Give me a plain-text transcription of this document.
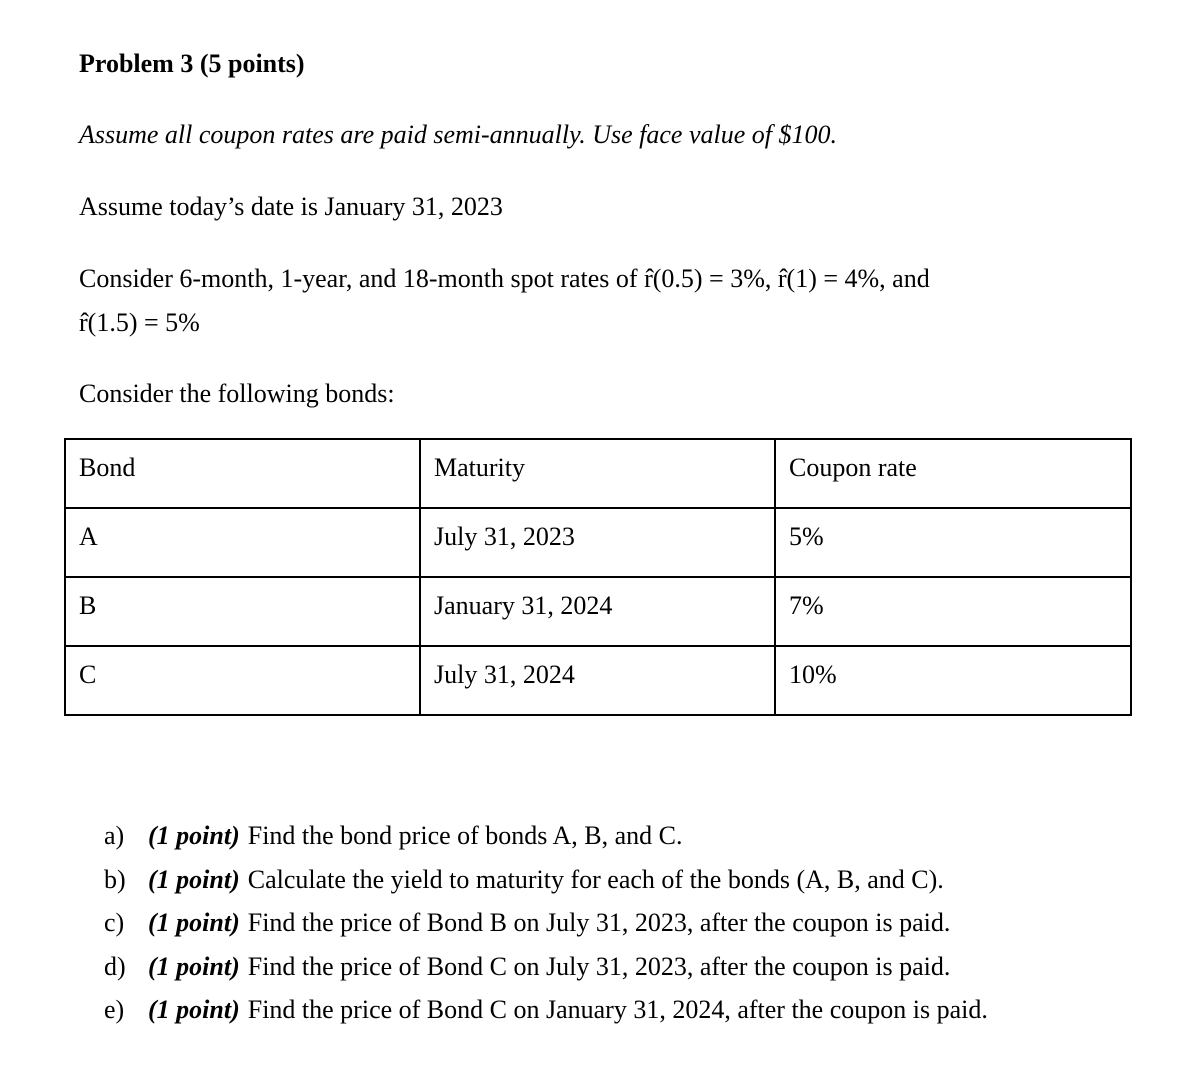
Problem 3 (5 points)
Assume all coupon rates are paid semi-annually. Use face value of $100.
Assume today’s date is January 31, 2023
Consider 6-month, 1-year, and 18-month spot rates of r̂(0.5) = 3%, r̂(1) = 4%, and
r̂(1.5) = 5%
Consider the following bonds:
Bond	Maturity	Coupon rate
A	July 31, 2023	5%
B	January 31, 2024	7%
C	July 31, 2024	10%
a) (1 point) Find the bond price of bonds A, B, and C.
b) (1 point) Calculate the yield to maturity for each of the bonds (A, B, and C).
c) (1 point) Find the price of Bond B on July 31, 2023, after the coupon is paid.
d) (1 point) Find the price of Bond C on July 31, 2023, after the coupon is paid.
e) (1 point) Find the price of Bond C on January 31, 2024, after the coupon is paid.
